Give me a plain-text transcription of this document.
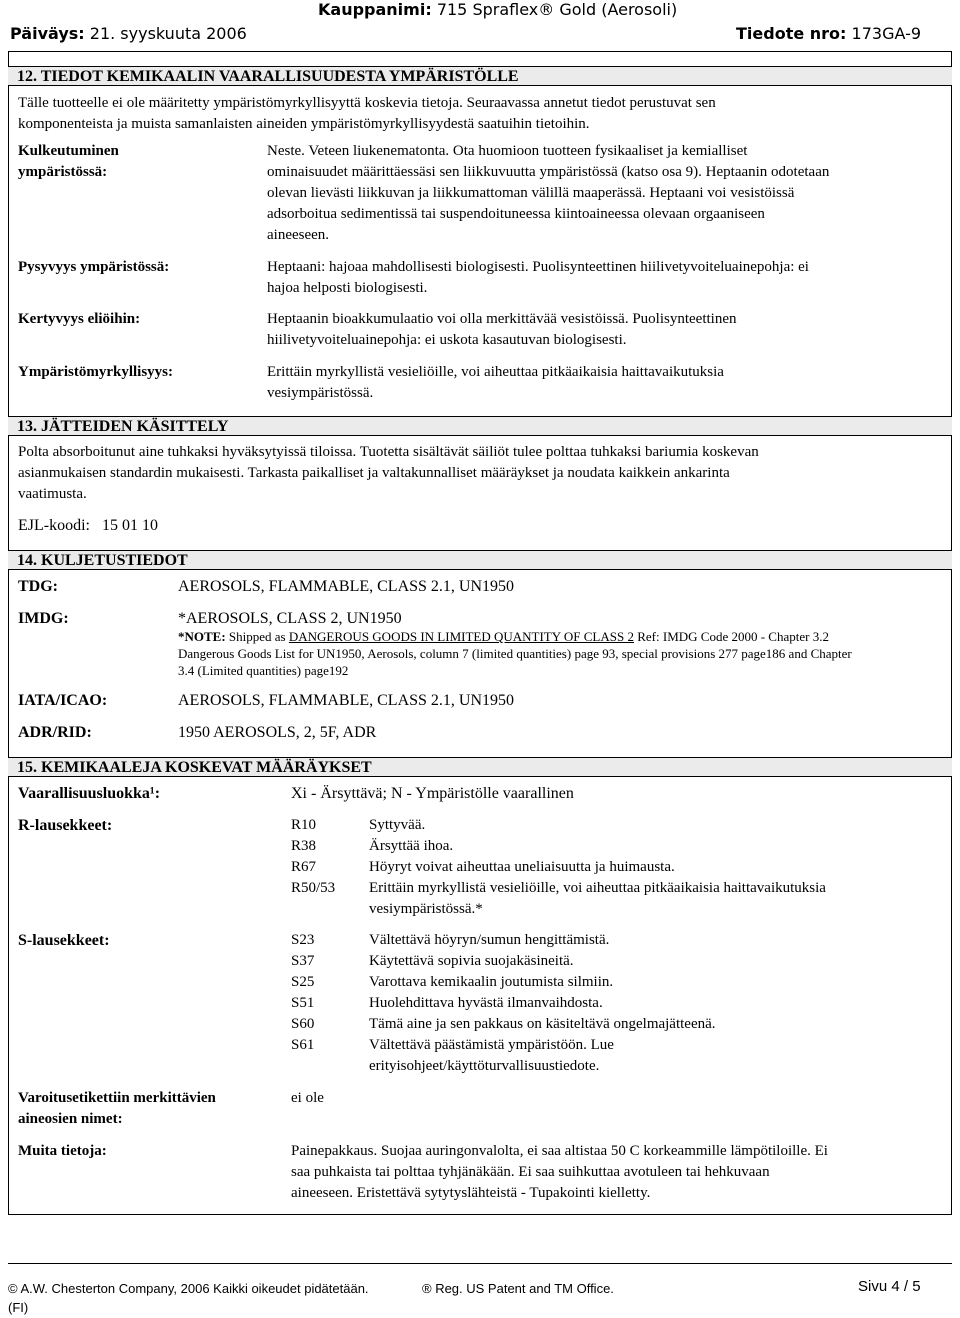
Kauppanimi: 715 Spraflex® Gold (Aerosoli)
Päiväys: 21. syyskuuta 2006	Tiedote nro: 173GA-9
12. TIEDOT KEMIKAALIN VAARALLISUUDESTA YMPÄRISTÖLLE
Tälle tuotteelle ei ole määritetty ympäristömyrkyllisyyttä koskevia tietoja. Seuraavassa annetut tiedot perustuvat sen
komponenteista ja muista samanlaisten aineiden ympäristömyrkyllisyydestä saatuihin tietoihin.
Kulkeutuminen
ympäristössä:
Neste. Veteen liukenematonta. Ota huomioon tuotteen fysikaaliset ja kemialliset
ominaisuudet määrittäessäsi sen liikkuvuutta ympäristössä (katso osa 9). Heptaanin odotetaan
olevan lievästi liikkuvan ja liikkumattoman välillä maaperässä. Heptaani voi vesistöissä
adsorboitua sedimentissä tai suspendoituneessa kiintoaineessa olevaan orgaaniseen
aineeseen.
Pysyvyys ympäristössä:	Heptaani: hajoaa mahdollisesti biologisesti. Puolisynteettinen hiilivetyvoiteluainepohja: ei
hajoa helposti biologisesti.
Kertyvyys eliöihin:	Heptaanin bioakkumulaatio voi olla merkittävää vesistöissä. Puolisynteettinen
hiilivetyvoiteluainepohja: ei uskota kasautuvan biologisesti.
Ympäristömyrkyllisyys:	Erittäin myrkyllistä vesieliöille, voi aiheuttaa pitkäaikaisia haittavaikutuksia
vesiympäristössä.
13. JÄTTEIDEN KÄSITTELY
Polta absorboitunut aine tuhkaksi hyväksytyissä tiloissa. Tuotetta sisältävät säiliöt tulee polttaa tuhkaksi bariumia koskevan
asianmukaisen standardin mukaisesti. Tarkasta paikalliset ja valtakunnalliset määräykset ja noudata kaikkein ankarinta
vaatimusta.
EJL-koodi: 15 01 10
14. KULJETUSTIEDOT
TDG:	AEROSOLS, FLAMMABLE, CLASS 2.1, UN1950
IMDG:	*AEROSOLS, CLASS 2, UN1950
*NOTE: Shipped as DANGEROUS GOODS IN LIMITED QUANTITY OF CLASS 2 Ref: IMDG Code 2000 - Chapter 3.2
Dangerous Goods List for UN1950, Aerosols, column 7 (limited quantities) page 93, special provisions 277 page186 and Chapter
3.4 (Limited quantities) page192
IATA/ICAO:	AEROSOLS, FLAMMABLE, CLASS 2.1, UN1950
ADR/RID:	1950 AEROSOLS, 2, 5F, ADR
15. KEMIKAALEJA KOSKEVAT MÄÄRÄYKSET
Vaarallisuusluokka¹:	Xi - Ärsyttävä; N - Ympäristölle vaarallinen
R-lausekkeet:	R10	Syttyvää.
R38	Ärsyttää ihoa.
R67	Höyryt voivat aiheuttaa uneliaisuutta ja huimausta.
R50/53 Erittäin myrkyllistä vesieliöille, voi aiheuttaa pitkäaikaisia haittavaikutuksia
vesiympäristössä.*
S-lausekkeet:	S23	Vältettävä höyryn/sumun hengittämistä.
S37	Käytettävä sopivia suojakäsineitä.
S25	Varottava kemikaalin joutumista silmiin.
S51	Huolehdittava hyvästä ilmanvaihdosta.
S60	Tämä aine ja sen pakkaus on käsiteltävä ongelmajätteenä.
S61	Vältettävä päästämistä ympäristöön. Lue
erityisohjeet/käyttöturvallisuustiedote.
Varoitusetikettiin merkittävien
aineosien nimet:
ei ole
Muita tietoja:	Painepakkaus. Suojaa auringonvalolta, ei saa altistaa 50 C korkeammille lämpötiloille. Ei
saa puhkaista tai polttaa tyhjänäkään. Ei saa suihkuttaa avotuleen tai hehkuvaan
aineeseen. Eristettävä sytytyslähteistä - Tupakointi kielletty.
© A.W. Chesterton Company, 2006 Kaikki oikeudet pidätetään.	® Reg. US Patent and TM Office.	Sivu 4 / 5
(FI)
